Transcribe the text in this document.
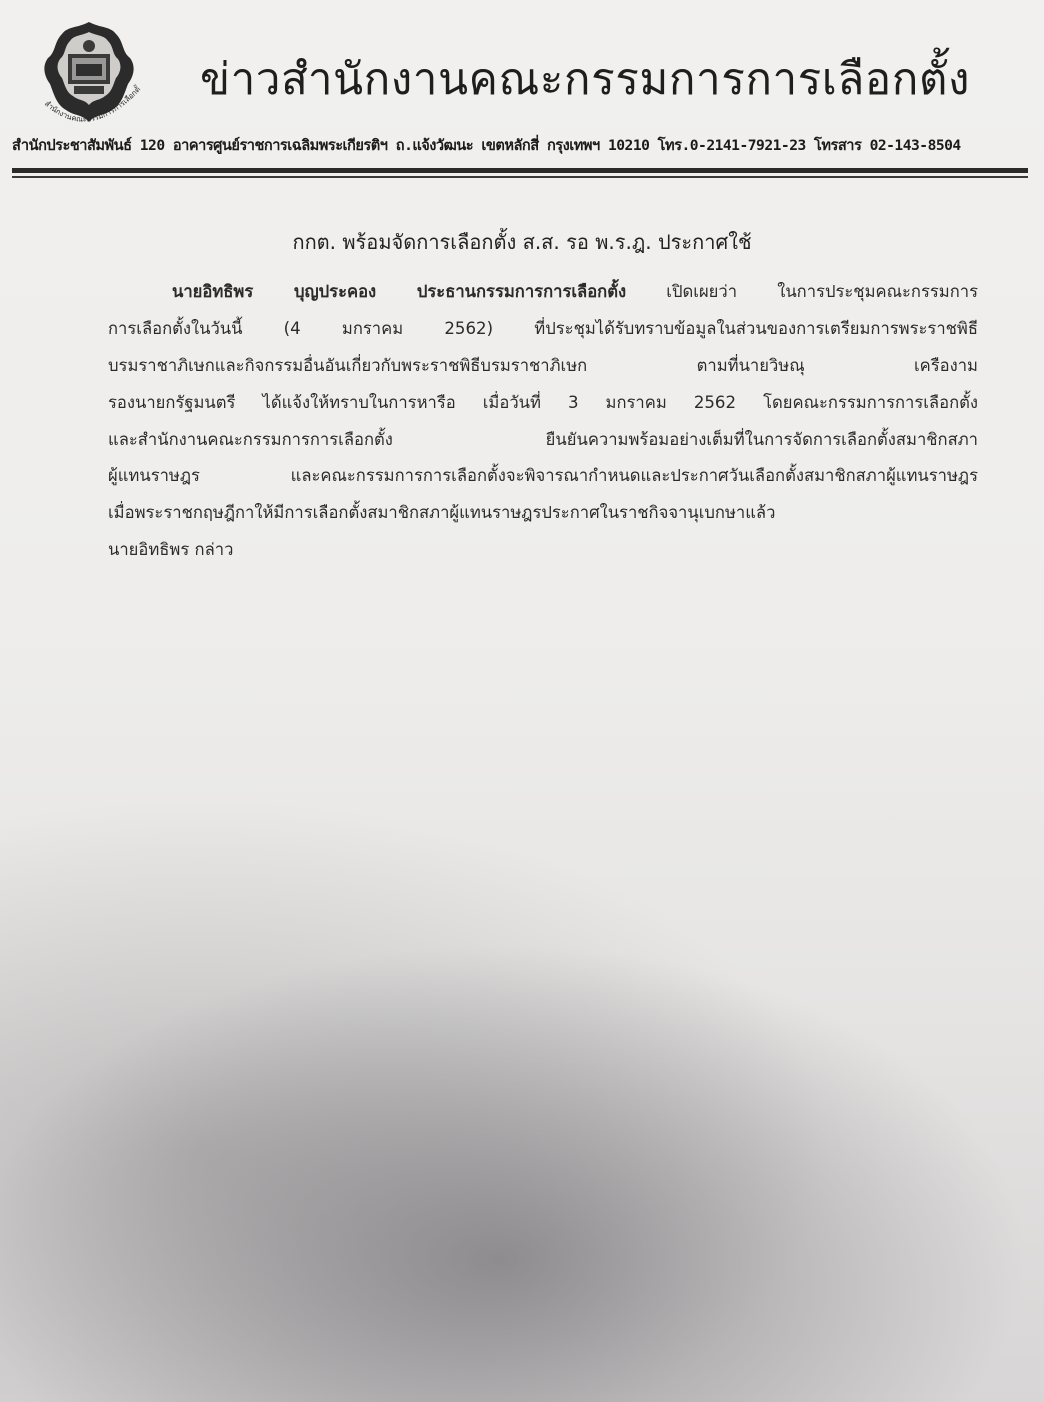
สำนักงานคณะกรรมการการเลือกตั้ ข่าวสำนักงานคณะกรรมการการเลือกตั้ง
สำนักประชาสัมพันธ์ 120 อาคารศูนย์ราชการเฉลิมพระเกียรติฯ ถ.แจ้งวัฒนะ เขตหลักสี่ กรุงเทพฯ 10210 โทร.0-2141-7921-23 โทรสาร 02-143-8504
กกต. พร้อมจัดการเลือกตั้ง ส.ส. รอ พ.ร.ฎ. ประกาศใช้
นายอิทธิพร บุญประคอง ประธานกรรมการการเลือกตั้ง เปิดเผยว่า ในการประชุมคณะกรรมการ
การเลือกตั้งในวันนี้ (4 มกราคม 2562) ที่ประชุมได้รับทราบข้อมูลในส่วนของการเตรียมการพระราชพิธี
บรมราชาภิเษกและกิจกรรมอื่นอันเกี่ยวกับพระราชพิธีบรมราชาภิเษก ตามที่นายวิษณุ เครืองาม
รองนายกรัฐมนตรี ได้แจ้งให้ทราบในการหารือ เมื่อวันที่ 3 มกราคม 2562 โดยคณะกรรมการการเลือกตั้ง
และสำนักงานคณะกรรมการการเลือกตั้ง ยืนยันความพร้อมอย่างเต็มที่ในการจัดการเลือกตั้งสมาชิกสภา
ผู้แทนราษฎร และคณะกรรมการการเลือกตั้งจะพิจารณากำหนดและประกาศวันเลือกตั้งสมาชิกสภาผู้แทนราษฎร
เมื่อพระราชกฤษฎีกาให้มีการเลือกตั้งสมาชิกสภาผู้แทนราษฎรประกาศในราชกิจจานุเบกษาแล้ว
นายอิทธิพร กล่าว
